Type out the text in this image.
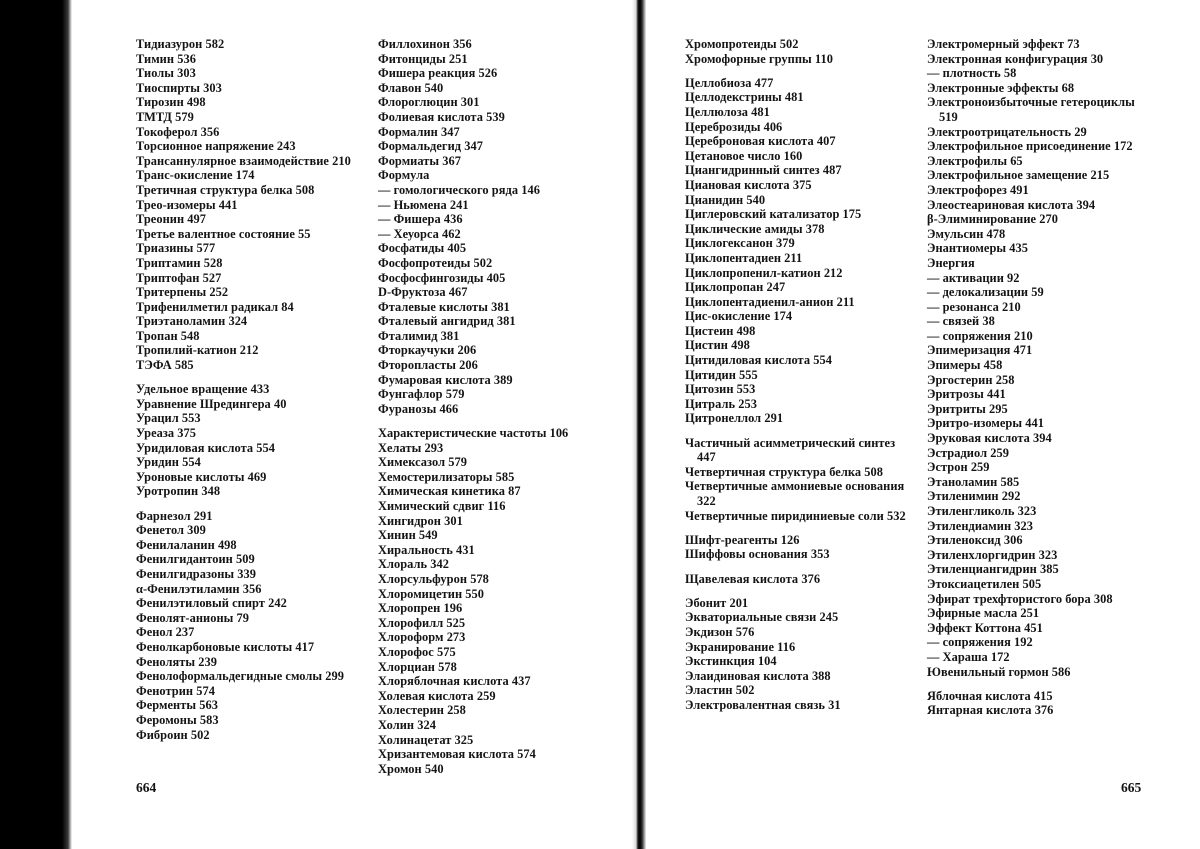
Тидиазурон 582
Тимин 536
Тиолы 303
Тиоспирты 303
Тирозин 498
ТМТД 579
Токоферол 356
Торсионное напряжение 243
Трансаннулярное взаимодействие 210
Транс-окисление 174
Третичная структура белка 508
Трео-изомеры 441
Треонин 497
Третье валентное состояние 55
Триазины 577
Триптамин 528
Триптофан 527
Тритерпены 252
Трифенилметил радикал 84
Триэтаноламин 324
Тропан 548
Тропилий-катион 212
ТЭФА 585
Удельное вращение 433
Уравнение Шредингера 40
Урацил 553
Уреаза 375
Уридиловая кислота 554
Уридин 554
Уроновые кислоты 469
Уротропин 348
Фарнезол 291
Фенетол 309
Фенилаланин 498
Фенилгидантоин 509
Фенилгидразоны 339
α-Фенилэтиламин 356
Фенилэтиловый спирт 242
Фенолят-анионы 79
Фенол 237
Фенолкарбоновые кислоты 417
Феноляты 239
Фенолоформальдегидные смолы 299
Фенотрин 574
Ферменты 563
Феромоны 583
Фиброин 502
Филлохинон 356
Фитонциды 251
Фишера реакция 526
Флавон 540
Флороглюцин 301
Фолиевая кислота 539
Формалин 347
Формальдегид 347
Формиаты 367
Формула
— гомологического ряда 146
— Ньюмена 241
— Фишера 436
— Хеуорса 462
Фосфатиды 405
Фосфопротеиды 502
Фосфосфингозиды 405
D-Фруктоза 467
Фталевые кислоты 381
Фталевый ангидрид 381
Фталимид 381
Фторкаучуки 206
Фторопласты 206
Фумаровая кислота 389
Фунгафлор 579
Фуранозы 466
Характеристические частоты 106
Хелаты 293
Химексазол 579
Хемостерилизаторы 585
Химическая кинетика 87
Химический сдвиг 116
Хингидрон 301
Хинин 549
Хиральность 431
Хлораль 342
Хлорсульфурон 578
Хлоромицетин 550
Хлоропрен 196
Хлорофилл 525
Хлороформ 273
Хлорофос 575
Хлорциан 578
Хлоряблочная кислота 437
Холевая кислота 259
Холестерин 258
Холин 324
Холинацетат 325
Хризантемовая кислота 574
Хромон 540
664
Хромопротеиды 502
Хромофорные группы 110
Целлобиоза 477
Целлодекстрины 481
Целлюлоза 481
Цереброзиды 406
Цереброновая кислота 407
Цетановое число 160
Циангидринный синтез 487
Циановая кислота 375
Цианидин 540
Циглеровский катализатор 175
Циклические амиды 378
Циклогексанон 379
Циклопентадиен 211
Циклопропенил-катион 212
Циклопропан 247
Циклопентадиенил-анион 211
Цис-окисление 174
Цистеин 498
Цистин 498
Цитидиловая кислота 554
Цитидин 555
Цитозин 553
Цитраль 253
Цитронеллол 291
Частичный асимметрический синтез 447
Четвертичная структура белка 508
Четвертичные аммониевые основания 322
Четвертичные пиридиниевые соли 532
Шифт-реагенты 126
Шиффовы основания 353
Щавелевая кислота 376
Эбонит 201
Экваториальные связи 245
Экдизон 576
Экранирование 116
Экстинкция 104
Элаидиновая кислота 388
Эластин 502
Электровалентная связь 31
Электромерный эффект 73
Электронная конфигурация 30
— плотность 58
Электронные эффекты 68
Электроноизбыточные гетероциклы 519
Электроотрицательность 29
Электрофильное присоединение 172
Электрофилы 65
Электрофильное замещение 215
Электрофорез 491
Элеостеариновая кислота 394
β-Элиминирование 270
Эмульсин 478
Энантиомеры 435
Энергия
— активации 92
— делокализации 59
— резонанса 210
— связей 38
— сопряжения 210
Эпимеризация 471
Эпимеры 458
Эргостерин 258
Эритрозы 441
Эритриты 295
Эритро-изомеры 441
Эруковая кислота 394
Эстрадиол 259
Эстрон 259
Этаноламин 585
Этиленимин 292
Этиленгликоль 323
Этилендиамин 323
Этиленоксид 306
Этиленхлоргидрин 323
Этиленциангидрин 385
Этоксиацетилен 505
Эфират трехфтористого бора 308
Эфирные масла 251
Эффект Коттона 451
— сопряжения 192
— Хараша 172
Ювенильный гормон 586
Яблочная кислота 415
Янтарная кислота 376
665
